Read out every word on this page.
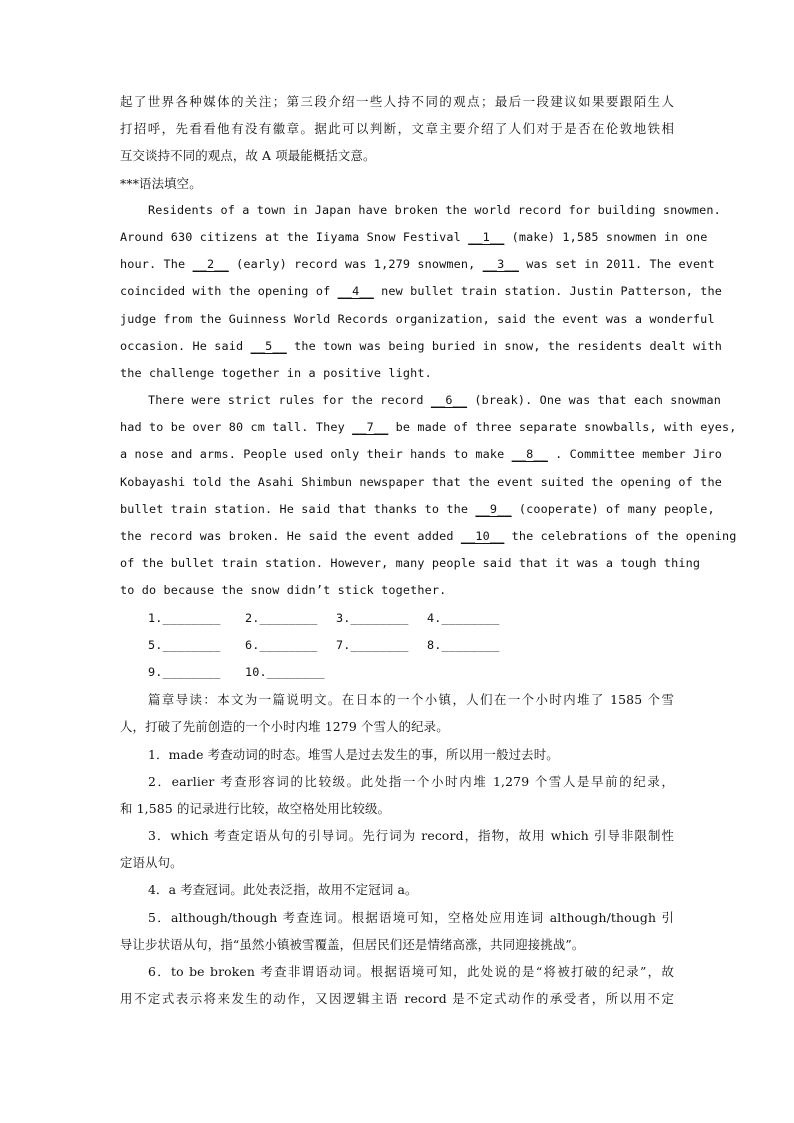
起了世界各种媒体的关注；第三段介绍一些人持不同的观点；最后一段建议如果要跟陌生人
打招呼，先看看他有没有徽章。据此可以判断，文章主要介绍了人们对于是否在伦敦地铁相
互交谈持不同的观点，故 A 项最能概括文意。
***语法填空。
Residents of a town in Japan have broken the world record for building snowmen.
Around 630 citizens at the Iiyama Snow Festival __1__ (make) 1,585 snowmen in one
hour. The __2__ (early) record was 1,279 snowmen, __3__ was set in 2011. The event
coincided with the opening of __4__ new bullet train station. Justin Patterson, the
judge from the Guinness World Records organization, said the event was a wonderful
occasion. He said __5__ the town was being buried in snow, the residents dealt with
the challenge together in a positive light.
There were strict rules for the record __6__ (break). One was that each snowman
had to be over 80 cm tall. They __7__ be made of three separate snowballs, with eyes,
a nose and arms. People used only their hands to make __8__ . Committee member Jiro
Kobayashi told the Asahi Shimbun newspaper that the event suited the opening of the
bullet train station. He said that thanks to the __9__ (cooperate) of many people,
the record was broken. He said the event added __10__ the celebrations of the opening
of the bullet train station. However, many people said that it was a tough thing
to do because the snow didn’t stick together.
1.________	2.________	3.________	4.________
5.________	6.________	7.________	8.________
9.________	10.________
篇章导读：本文为一篇说明文。在日本的一个小镇，人们在一个小时内堆了 1585 个雪
人，打破了先前创造的一个小时内堆 1279 个雪人的纪录。
1．made 考查动词的时态。堆雪人是过去发生的事，所以用一般过去时。
2．earlier 考查形容词的比较级。此处指一个小时内堆 1,279 个雪人是早前的纪录，
和 1,585 的记录进行比较，故空格处用比较级。
3．which 考查定语从句的引导词。先行词为 record，指物，故用 which 引导非限制性
定语从句。
4．a 考查冠词。此处表泛指，故用不定冠词 a。
5．although/though 考查连词。根据语境可知，空格处应用连词 although/though 引
导让步状语从句，指“虽然小镇被雪覆盖，但居民们还是情绪高涨，共同迎接挑战”。
6．to be broken 考查非谓语动词。根据语境可知，此处说的是“将被打破的纪录”，故
用不定式表示将来发生的动作，又因逻辑主语 record 是不定式动作的承受者，所以用不定
